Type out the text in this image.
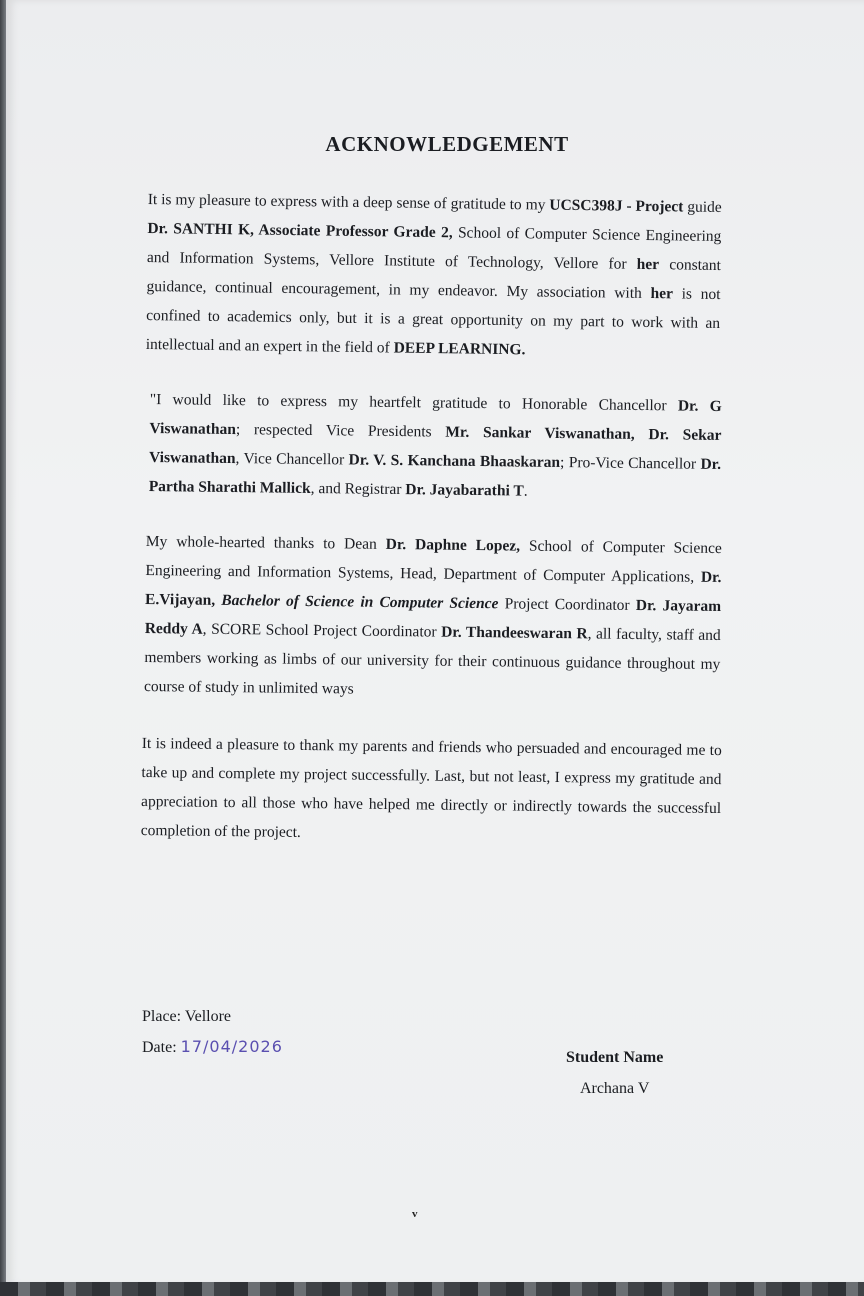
ACKNOWLEDGEMENT

It is my pleasure to express with a deep sense of gratitude to my UCSC398J - Project guide Dr. SANTHI K, Associate Professor Grade 2, School of Computer Science Engineering and Information Systems, Vellore Institute of Technology, Vellore for her constant guidance, continual encouragement, in my endeavor. My association with her is not confined to academics only, but it is a great opportunity on my part to work with an intellectual and an expert in the field of DEEP LEARNING.

"I would like to express my heartfelt gratitude to Honorable Chancellor Dr. G Viswanathan; respected Vice Presidents Mr. Sankar Viswanathan, Dr. Sekar Viswanathan, Vice Chancellor Dr. V. S. Kanchana Bhaaskaran; Pro-Vice Chancellor Dr. Partha Sharathi Mallick, and Registrar Dr. Jayabarathi T.

My whole-hearted thanks to Dean Dr. Daphne Lopez, School of Computer Science Engineering and Information Systems, Head, Department of Computer Applications, Dr. E.Vijayan, Bachelor of Science in Computer Science Project Coordinator Dr. Jayaram Reddy A, SCORE School Project Coordinator Dr. Thandeeswaran R, all faculty, staff and members working as limbs of our university for their continuous guidance throughout my course of study in unlimited ways

It is indeed a pleasure to thank my parents and friends who persuaded and encouraged me to take up and complete my project successfully. Last, but not least, I express my gratitude and appreciation to all those who have helped me directly or indirectly towards the successful completion of the project.

Place: Vellore
Date: 17/04/2026
Student Name
Archana V
v
